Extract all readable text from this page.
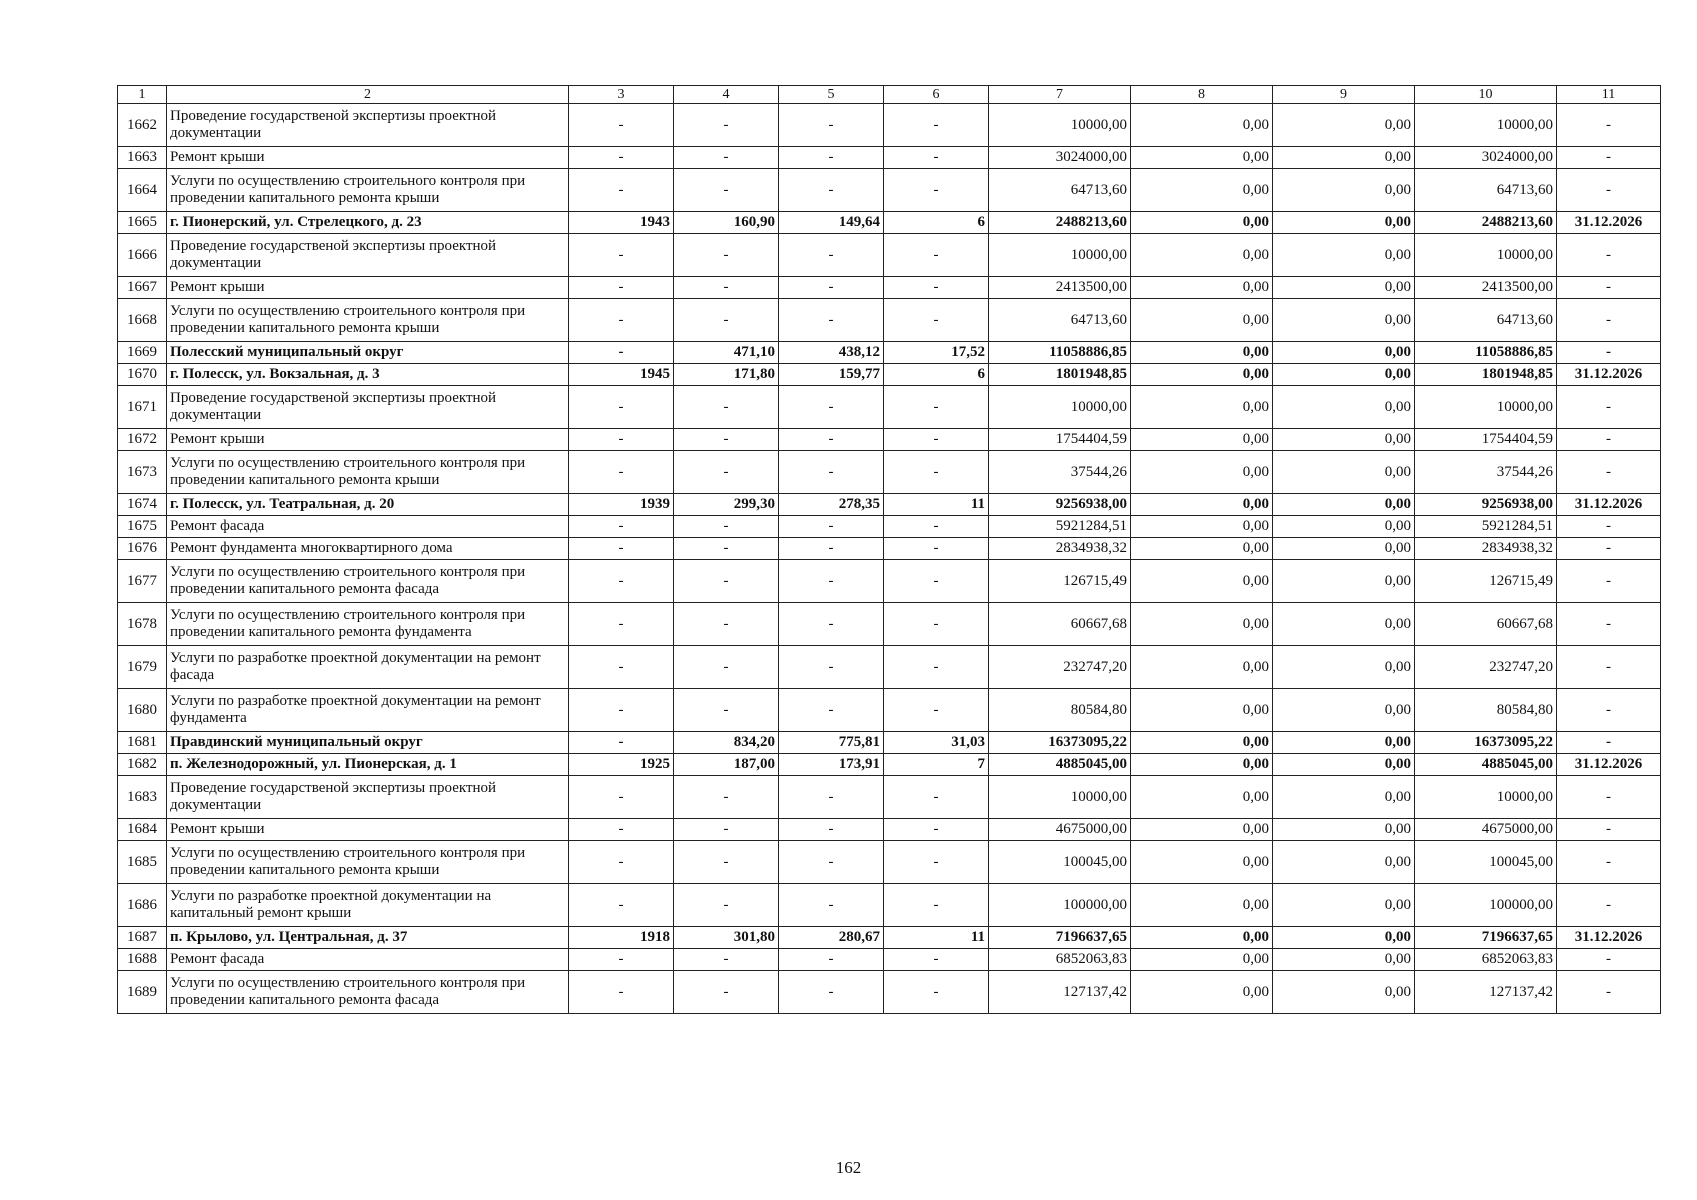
1	2	3	4	5	6	7	8	9	10	11
1662	Проведение государственой экспертизы проектной документации	-	-	-	-	10000,00	0,00	0,00	10000,00	-
1663	Ремонт крыши	-	-	-	-	3024000,00	0,00	0,00	3024000,00	-
1664	Услуги по осуществлению строительного контроля при проведении капитального ремонта крыши	-	-	-	-	64713,60	0,00	0,00	64713,60	-
1665	г. Пионерский, ул. Стрелецкого, д. 23	1943	160,90	149,64	6	2488213,60	0,00	0,00	2488213,60	31.12.2026
1666	Проведение государственой экспертизы проектной документации	-	-	-	-	10000,00	0,00	0,00	10000,00	-
1667	Ремонт крыши	-	-	-	-	2413500,00	0,00	0,00	2413500,00	-
1668	Услуги по осуществлению строительного контроля при проведении капитального ремонта крыши	-	-	-	-	64713,60	0,00	0,00	64713,60	-
1669	Полесский муниципальный округ	-	471,10	438,12	17,52	11058886,85	0,00	0,00	11058886,85	-
1670	г. Полесск, ул. Вокзальная, д. 3	1945	171,80	159,77	6	1801948,85	0,00	0,00	1801948,85	31.12.2026
1671	Проведение государственой экспертизы проектной документации	-	-	-	-	10000,00	0,00	0,00	10000,00	-
1672	Ремонт крыши	-	-	-	-	1754404,59	0,00	0,00	1754404,59	-
1673	Услуги по осуществлению строительного контроля при проведении капитального ремонта крыши	-	-	-	-	37544,26	0,00	0,00	37544,26	-
1674	г. Полесск, ул. Театральная, д. 20	1939	299,30	278,35	11	9256938,00	0,00	0,00	9256938,00	31.12.2026
1675	Ремонт фасада	-	-	-	-	5921284,51	0,00	0,00	5921284,51	-
1676	Ремонт фундамента многоквартирного дома	-	-	-	-	2834938,32	0,00	0,00	2834938,32	-
1677	Услуги по осуществлению строительного контроля при проведении капитального ремонта фасада	-	-	-	-	126715,49	0,00	0,00	126715,49	-
1678	Услуги по осуществлению строительного контроля при проведении капитального ремонта фундамента	-	-	-	-	60667,68	0,00	0,00	60667,68	-
1679	Услуги по разработке проектной документации на ремонт фасада	-	-	-	-	232747,20	0,00	0,00	232747,20	-
1680	Услуги по разработке проектной документации на ремонт фундамента	-	-	-	-	80584,80	0,00	0,00	80584,80	-
1681	Правдинский муниципальный округ	-	834,20	775,81	31,03	16373095,22	0,00	0,00	16373095,22	-
1682	п. Железнодорожный, ул. Пионерская, д. 1	1925	187,00	173,91	7	4885045,00	0,00	0,00	4885045,00	31.12.2026
1683	Проведение государственой экспертизы проектной документации	-	-	-	-	10000,00	0,00	0,00	10000,00	-
1684	Ремонт крыши	-	-	-	-	4675000,00	0,00	0,00	4675000,00	-
1685	Услуги по осуществлению строительного контроля при проведении капитального ремонта крыши	-	-	-	-	100045,00	0,00	0,00	100045,00	-
1686	Услуги по разработке проектной документации на капитальный ремонт крыши	-	-	-	-	100000,00	0,00	0,00	100000,00	-
1687	п. Крылово, ул. Центральная, д. 37	1918	301,80	280,67	11	7196637,65	0,00	0,00	7196637,65	31.12.2026
1688	Ремонт фасада	-	-	-	-	6852063,83	0,00	0,00	6852063,83	-
1689	Услуги по осуществлению строительного контроля при проведении капитального ремонта фасада	-	-	-	-	127137,42	0,00	0,00	127137,42	-
162
